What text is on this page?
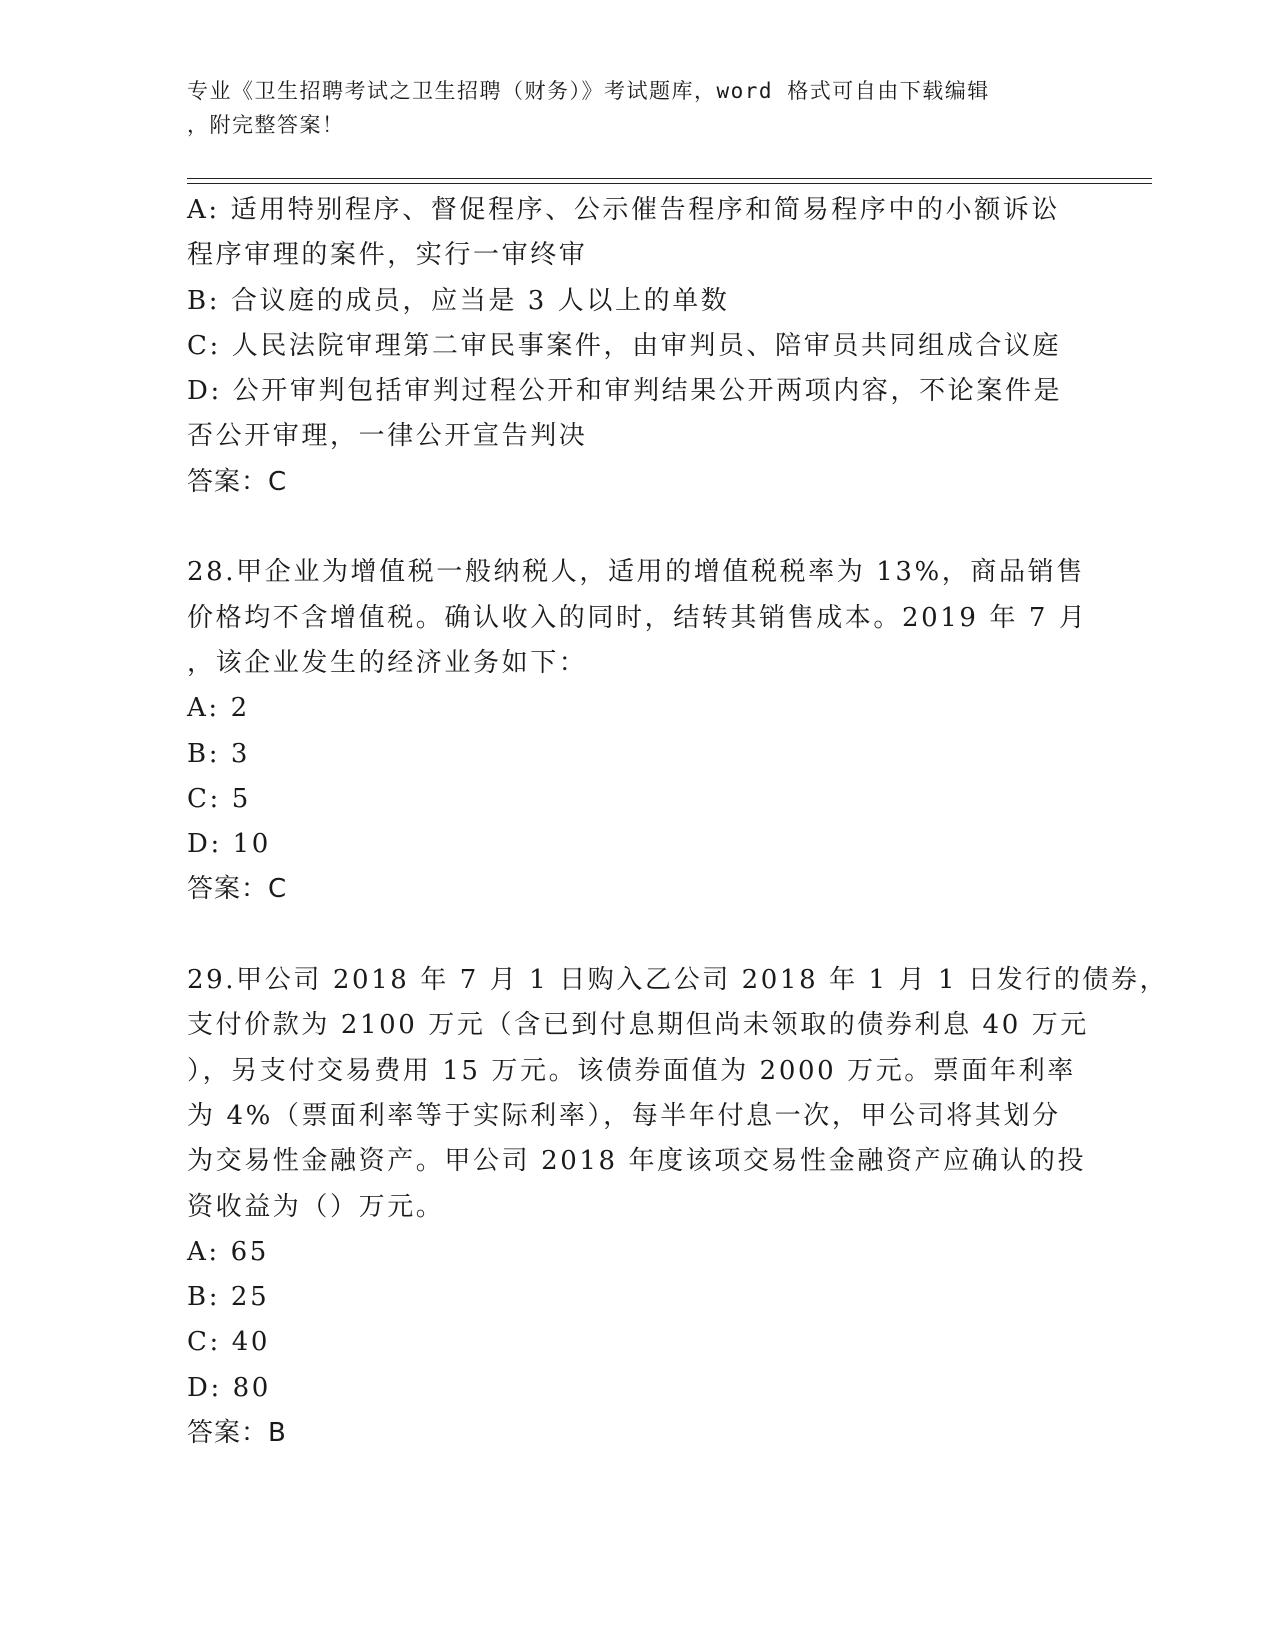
专业《卫生招聘考试之卫生招聘（财务）》考试题库，word 格式可自由下载编辑
，附完整答案！
A: 适用特别程序、督促程序、公示催告程序和简易程序中的小额诉讼
程序审理的案件，实行一审终审
B: 合议庭的成员，应当是 3 人以上的单数
C: 人民法院审理第二审民事案件，由审判员、陪审员共同组成合议庭
D: 公开审判包括审判过程公开和审判结果公开两项内容，不论案件是
否公开审理，一律公开宣告判决
答案：C
28.甲企业为增值税一般纳税人，适用的增值税税率为 13%，商品销售
价格均不含增值税。确认收入的同时，结转其销售成本。2019 年 7 月
，该企业发生的经济业务如下：
A: 2
B: 3
C: 5
D: 10
答案：C
29.甲公司 2018 年 7 月 1 日购入乙公司 2018 年 1 月 1 日发行的债券，
支付价款为 2100 万元（含已到付息期但尚未领取的债券利息 40 万元
），另支付交易费用 15 万元。该债券面值为 2000 万元。票面年利率
为 4%（票面利率等于实际利率），每半年付息一次，甲公司将其划分
为交易性金融资产。甲公司 2018 年度该项交易性金融资产应确认的投
资收益为（）万元。
A: 65
B: 25
C: 40
D: 80
答案：B
